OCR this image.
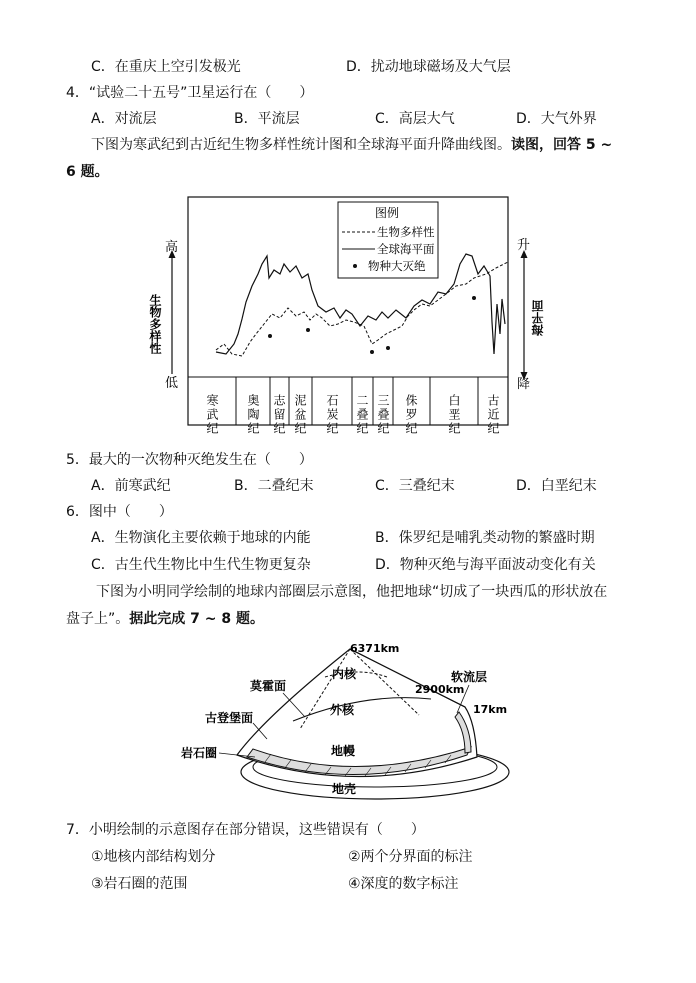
C．在重庆上空引发极光	D．扰动地球磁场及大气层
4．“试验二十五号”卫星运行在（　　）
A．对流层	B．平流层	C．高层大气	D．大气外界
下图为寒武纪到古近纪生物多样性统计图和全球海平面升降曲线图。读图，回答 5 ~
6 题。
高
低
生物多样性
升
降
海平面
图例
生物多样性
全球海平面
物种大灭绝
寒武纪 奥陶纪 志留纪 泥盆纪 石炭纪 二叠纪 三叠纪 侏罗纪 白垩纪 古近纪
5．最大的一次物种灭绝发生在（　　）
A．前寒武纪	B．二叠纪末	C．三叠纪末	D．白垩纪末
6．图中（　　）
A．生物演化主要依赖于地球的内能	B．侏罗纪是哺乳类动物的繁盛时期
C．古生代生物比中生代生物更复杂	D．物种灭绝与海平面波动变化有关
下图为小明同学绘制的地球内部圈层示意图，他把地球“切成了一块西瓜的形状放在
盘子上”。据此完成 7 ~ 8 题。
6371km
内核	软流层
莫霍面	2900km
外核	17km
古登堡面
地幔
岩石圈
地壳
7．小明绘制的示意图存在部分错误，这些错误有（　　）
①地核内部结构划分	②两个分界面的标注
③岩石圈的范围	④深度的数字标注
